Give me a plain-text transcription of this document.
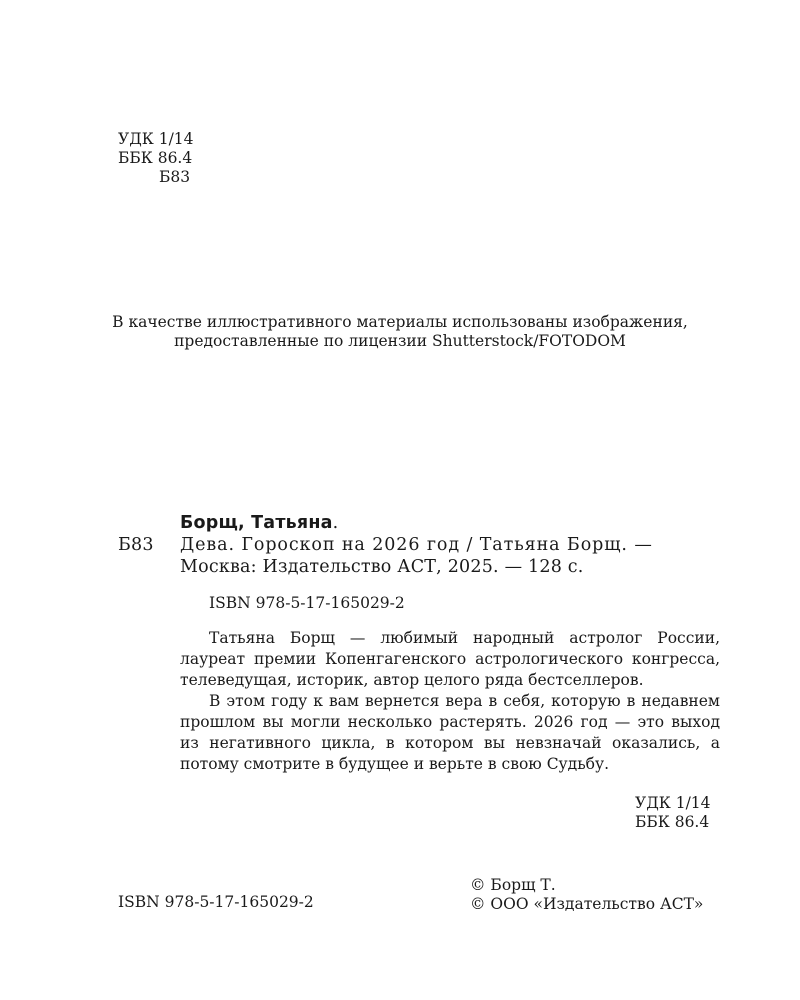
УДК 1/14
ББК 86.4
Б83
В качестве иллюстративного материалы использованы изображения,
предоставленные по лицензии Shutterstock/FOTODOM
Борщ, Татьяна.
Б83 Дева. Гороскоп на 2026 год / Татьяна Борщ. —
Москва: Издательство АСТ, 2025. — 128 с.
ISBN 978-5-17-165029-2

Татьяна Борщ — любимый народный астролог России, лауреат премии Копенгагенского астрологического конгресса, телеведущая, историк, автор целого ряда бестселлеров.

В этом году к вам вернется вера в себя, которую в недавнем прошлом вы могли несколько растерять. 2026 год — это выход из негативного цикла, в котором вы невзначай оказались, а потому смотрите в будущее и верьте в свою Судьбу.

УДК 1/14
ББК 86.4
ISBN 978-5-17-165029-2
© Борщ Т.
© ООО «Издательство АСТ»
